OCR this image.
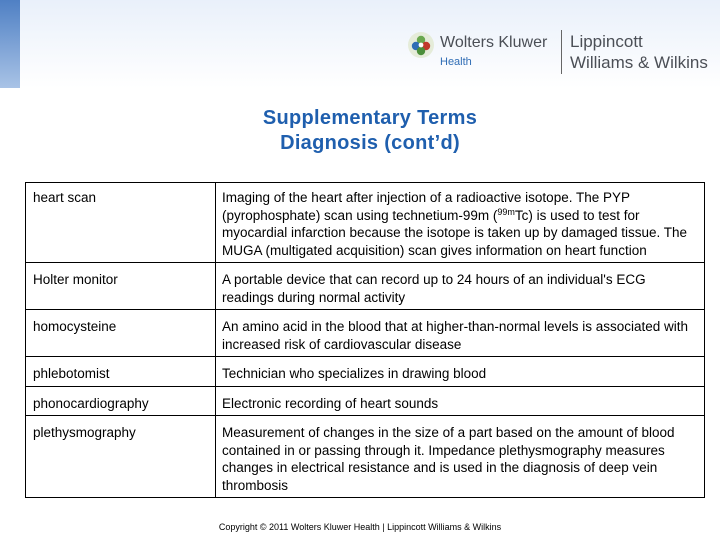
Wolters Kluwer
Health
Lippincott
Williams & Wilkins
Supplementary Terms
Diagnosis (cont’d)
heart scan	Imaging of the heart after injection of a radioactive isotope. The PYP (pyrophosphate) scan using technetium-99m ($^{99m}$Tc) is used to test for myocardial infarction because the isotope is taken up by damaged tissue. The MUGA (multigated acquisition) scan gives information on heart function
Holter monitor	A portable device that can record up to 24 hours of an individual's ECG readings during normal activity
homocysteine	An amino acid in the blood that at higher-than-normal levels is associated with increased risk of cardiovascular disease
phlebotomist	Technician who specializes in drawing blood
phonocardiography	Electronic recording of heart sounds
plethysmography	Measurement of changes in the size of a part based on the amount of blood contained in or passing through it. Impedance plethysmography measures changes in electrical resistance and is used in the diagnosis of deep vein thrombosis
Copyright © 2011 Wolters Kluwer Health | Lippincott Williams & Wilkins
